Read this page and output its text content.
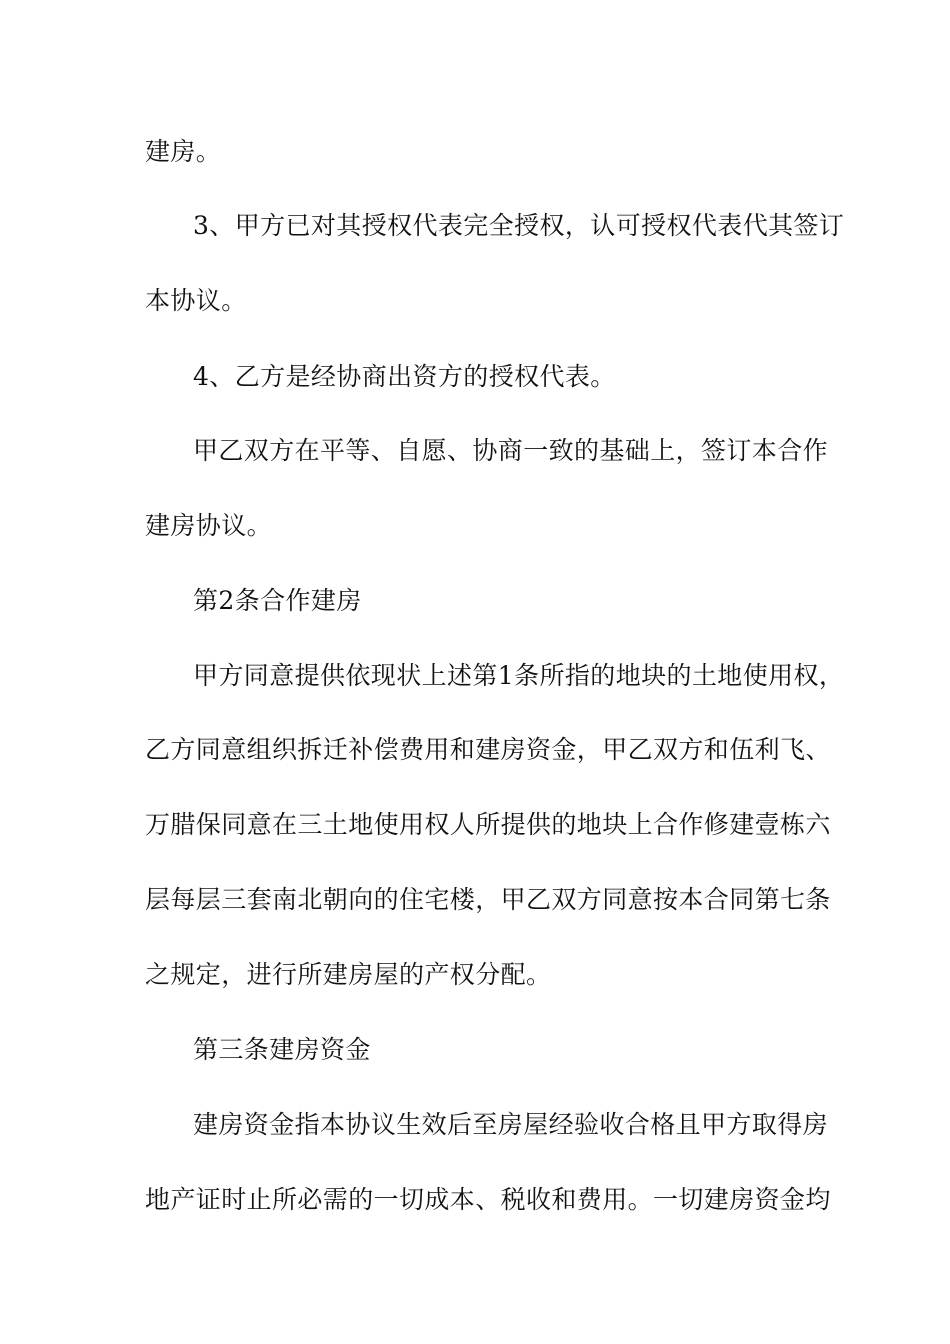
建房。
3、甲方已对其授权代表完全授权，认可授权代表代其签订
本协议。
4、乙方是经协商出资方的授权代表。
甲乙双方在平等、自愿、协商一致的基础上，签订本合作
建房协议。
第2条合作建房
甲方同意提供依现状上述第1条所指的地块的土地使用权，
乙方同意组织拆迁补偿费用和建房资金，甲乙双方和伍利飞、
万腊保同意在三土地使用权人所提供的地块上合作修建壹栋六
层每层三套南北朝向的住宅楼，甲乙双方同意按本合同第七条
之规定，进行所建房屋的产权分配。
第三条建房资金
建房资金指本协议生效后至房屋经验收合格且甲方取得房
地产证时止所必需的一切成本、税收和费用。一切建房资金均
